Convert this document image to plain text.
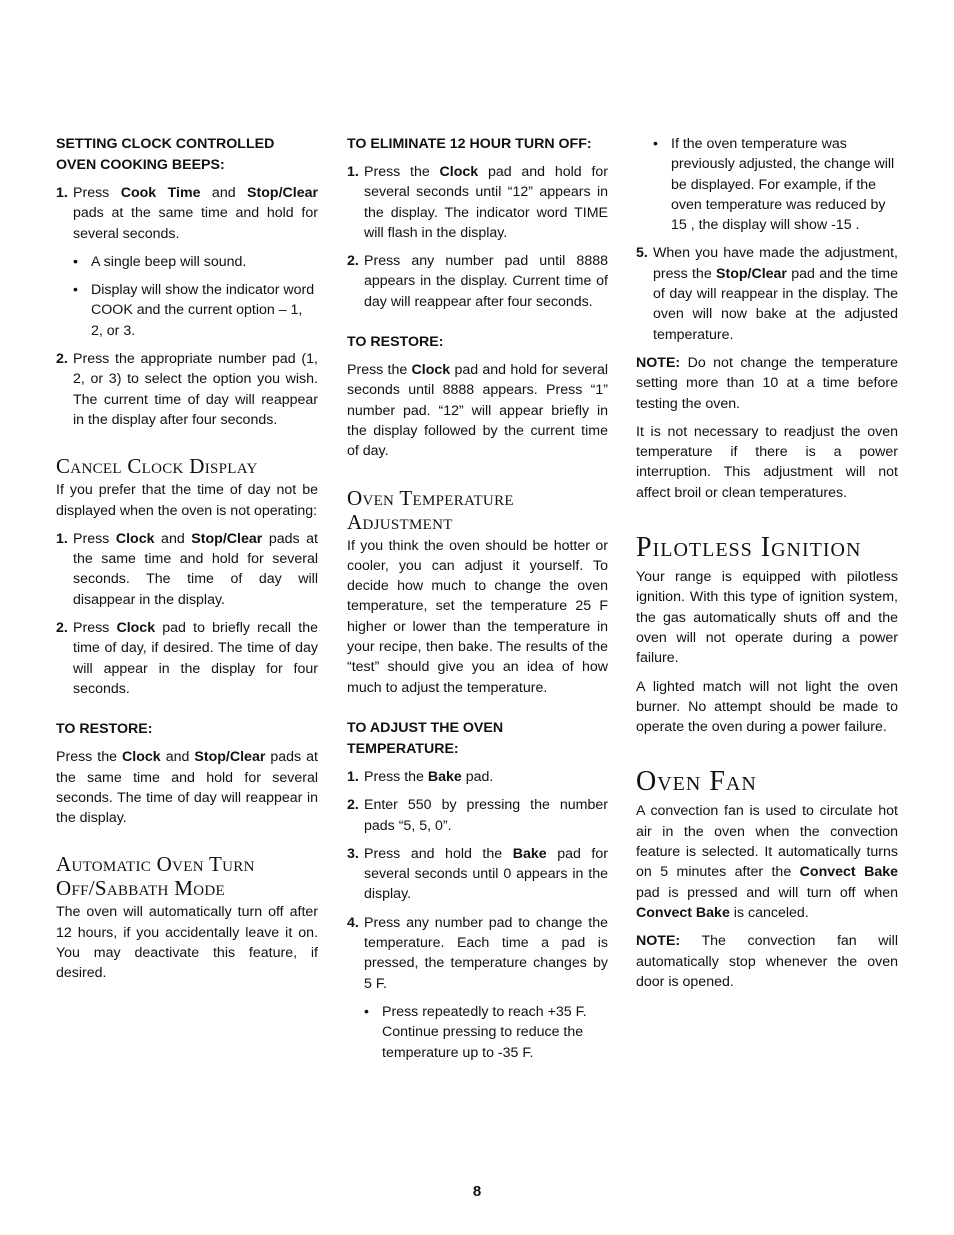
SETTING CLOCK CONTROLLED OVEN COOKING BEEPS:
1. Press Cook Time and Stop/Clear pads at the same time and hold for several seconds.
• A single beep will sound.
• Display will show the indicator word COOK and the current option – 1, 2, or 3.
2. Press the appropriate number pad (1, 2, or 3) to select the option you wish. The current time of day will reappear in the display after four seconds.
Cancel Clock Display
If you prefer that the time of day not be displayed when the oven is not operating:
1. Press Clock and Stop/Clear pads at the same time and hold for several seconds. The time of day will disappear in the display.
2. Press Clock pad to briefly recall the time of day, if desired. The time of day will appear in the display for four seconds.
TO RESTORE:
Press the Clock and Stop/Clear pads at the same time and hold for several seconds. The time of day will reappear in the display.
Automatic Oven Turn Off/Sabbath Mode
The oven will automatically turn off after 12 hours, if you accidentally leave it on. You may deactivate this feature, if desired.
TO ELIMINATE 12 HOUR TURN OFF:
1. Press the Clock pad and hold for several seconds until “12” appears in the display. The indicator word TIME will flash in the display.
2. Press any number pad until 8888 appears in the display. Current time of day will reappear after four seconds.
TO RESTORE:
Press the Clock pad and hold for several seconds until 8888 appears. Press “1” number pad. “12” will appear briefly in the display followed by the current time of day.
Oven Temperature Adjustment
If you think the oven should be hotter or cooler, you can adjust it yourself. To decide how much to change the oven temperature, set the temperature 25 F higher or lower than the temperature in your recipe, then bake. The results of the “test” should give you an idea of how much to adjust the temperature.
TO ADJUST THE OVEN TEMPERATURE:
1. Press the Bake pad.
2. Enter 550 by pressing the number pads “5, 5, 0”.
3. Press and hold the Bake pad for several seconds until 0 appears in the display.
4. Press any number pad to change the temperature. Each time a pad is pressed, the temperature changes by 5 F.
• Press repeatedly to reach +35 F. Continue pressing to reduce the temperature up to -35 F.
• If the oven temperature was previously adjusted, the change will be displayed. For example, if the oven temperature was reduced by 15 , the display will show -15 .
5. When you have made the adjustment, press the Stop/Clear pad and the time of day will reappear in the display. The oven will now bake at the adjusted temperature.
NOTE: Do not change the temperature setting more than 10 at a time before testing the oven.
It is not necessary to readjust the oven temperature if there is a power interruption. This adjustment will not affect broil or clean temperatures.
Pilotless Ignition
Your range is equipped with pilotless ignition. With this type of ignition system, the gas automatically shuts off and the oven will not operate during a power failure.
A lighted match will not light the oven burner. No attempt should be made to operate the oven during a power failure.
Oven Fan
A convection fan is used to circulate hot air in the oven when the convection feature is selected. It automatically turns on 5 minutes after the Convect Bake pad is pressed and will turn off when Convect Bake is canceled.
NOTE: The convection fan will automatically stop whenever the oven door is opened.
8
